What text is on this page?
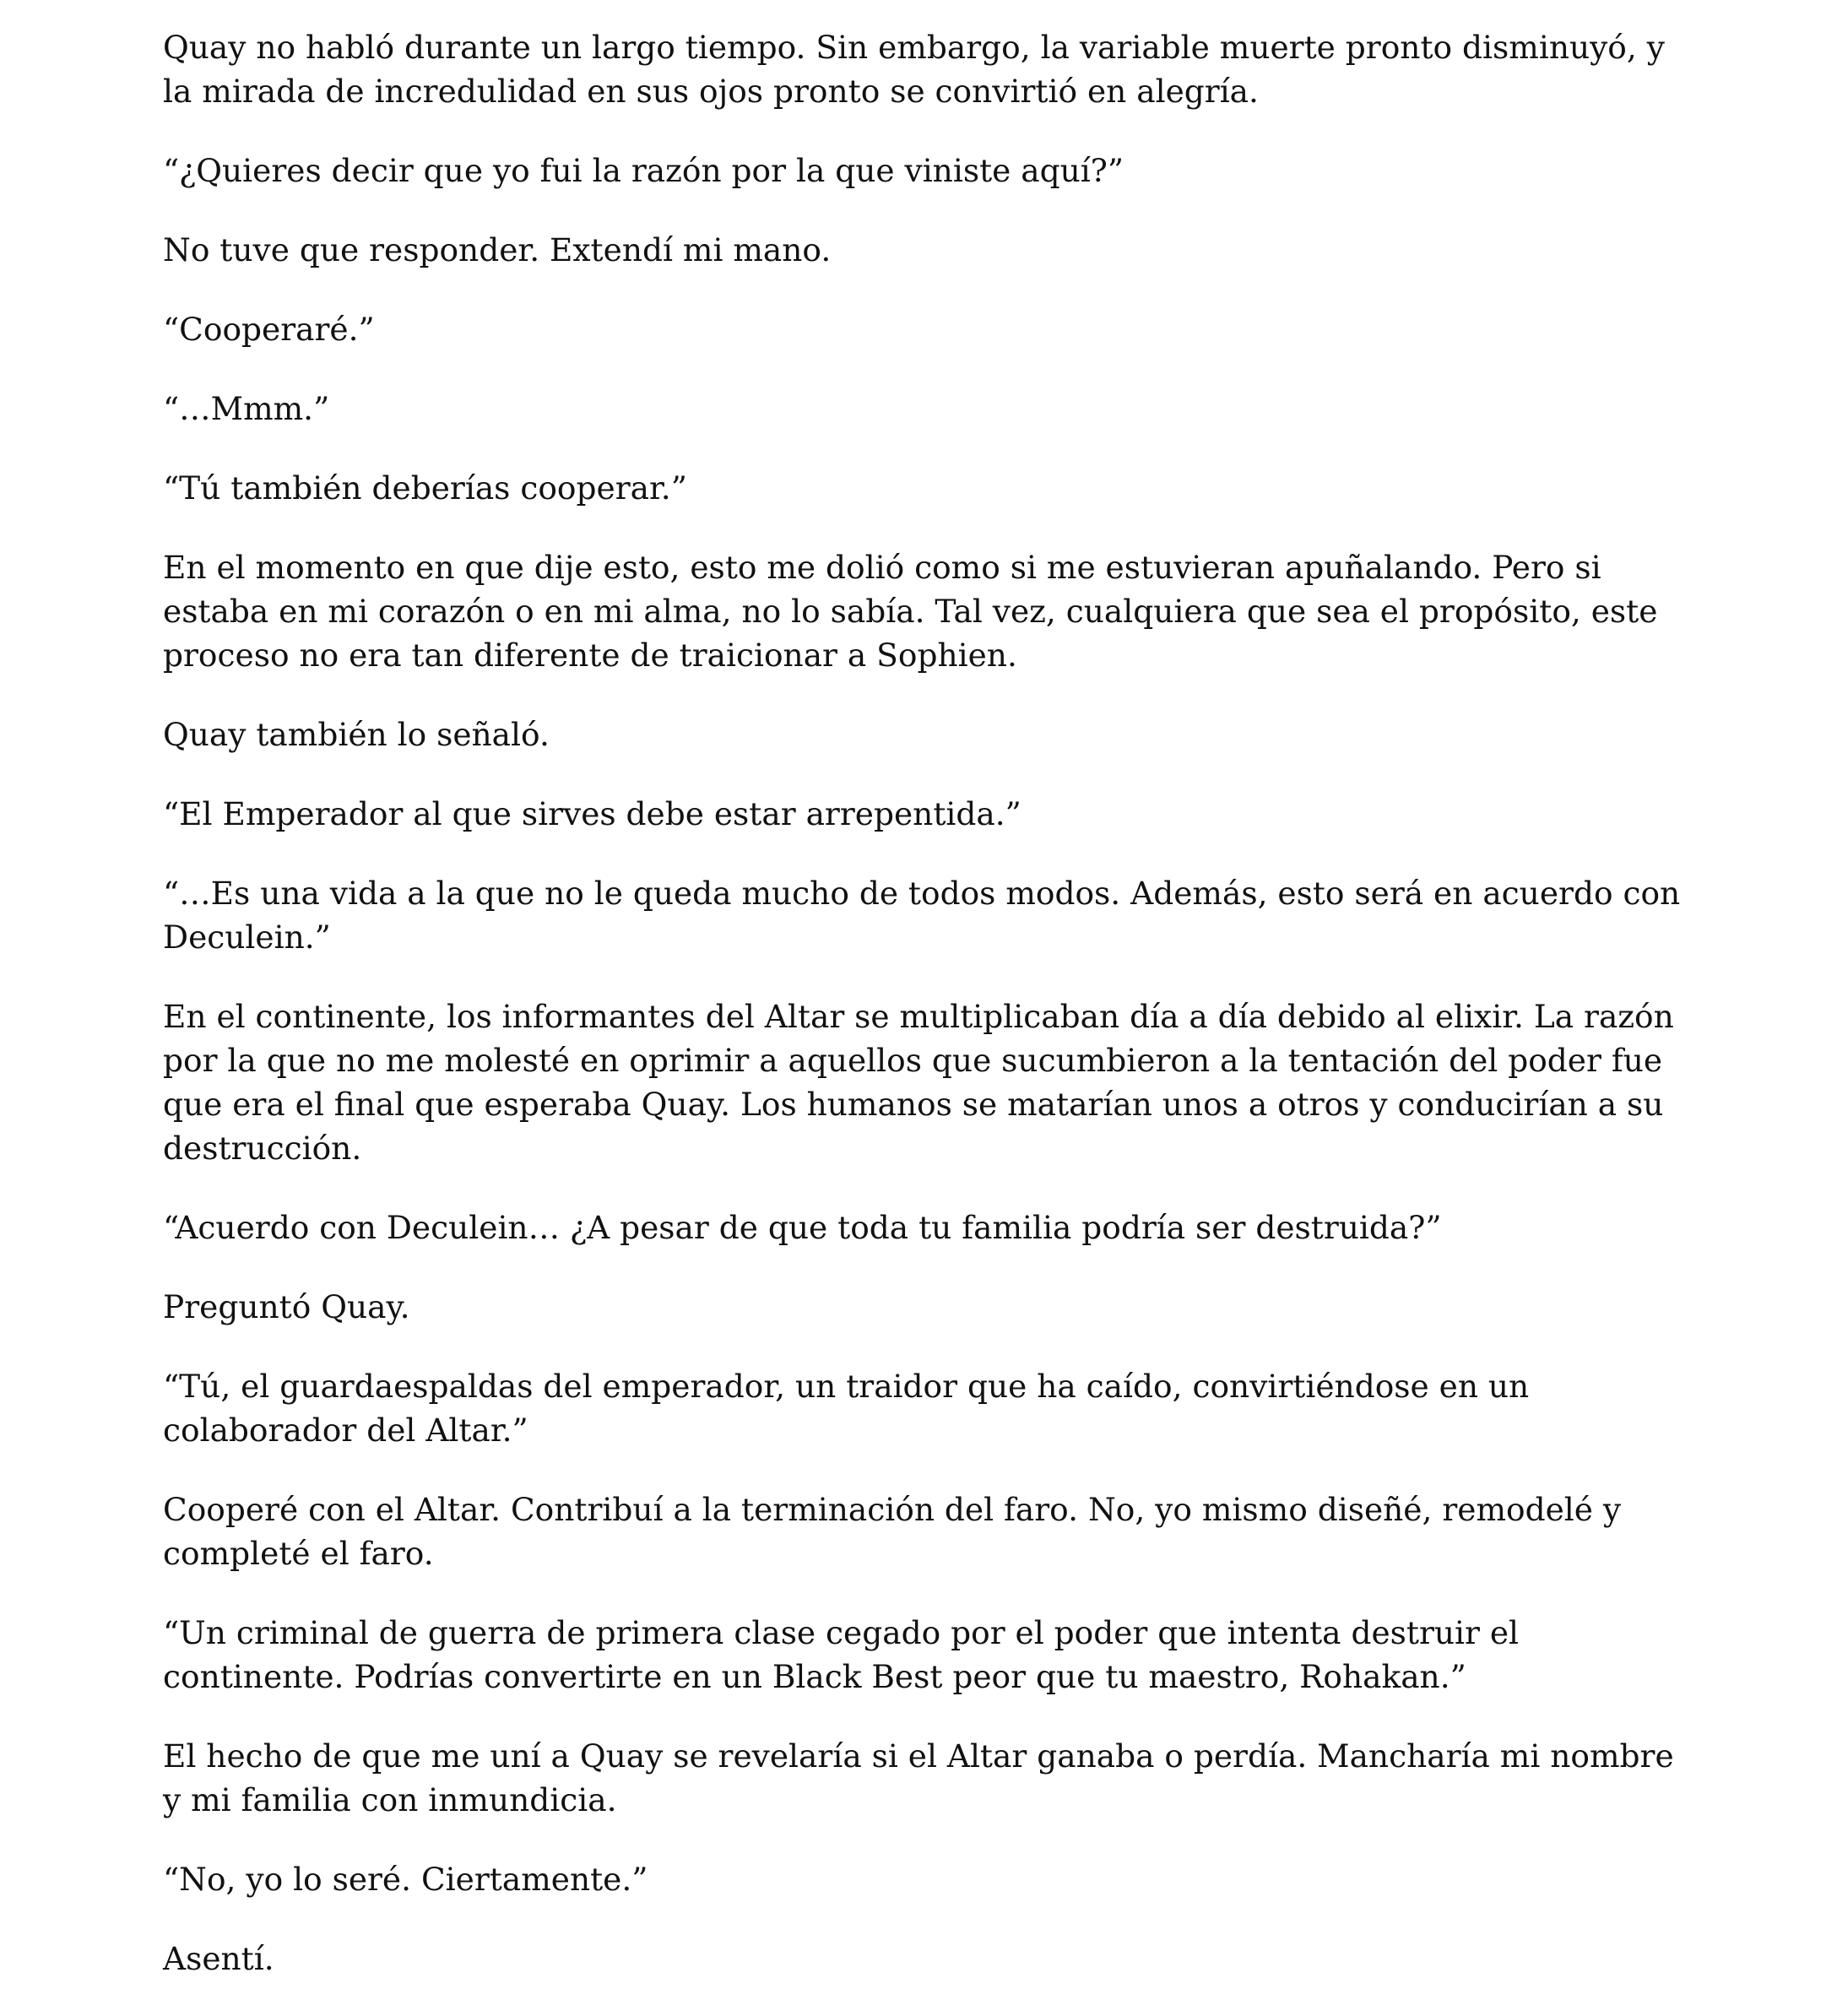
Quay no habló durante un largo tiempo. Sin embargo, la variable muerte pronto disminuyó, y la mirada de incredulidad en sus ojos pronto se convirtió en alegría.

“¿Quieres decir que yo fui la razón por la que viniste aquí?”

No tuve que responder. Extendí mi mano.

“Cooperaré.”

“…Mmm.”

“Tú también deberías cooperar.”

En el momento en que dije esto, esto me dolió como si me estuvieran apuñalando. Pero si estaba en mi corazón o en mi alma, no lo sabía. Tal vez, cualquiera que sea el propósito, este proceso no era tan diferente de traicionar a Sophien.

Quay también lo señaló.

“El Emperador al que sirves debe estar arrepentida.”

“…Es una vida a la que no le queda mucho de todos modos. Además, esto será en acuerdo con Deculein.”

En el continente, los informantes del Altar se multiplicaban día a día debido al elixir. La razón por la que no me molesté en oprimir a aquellos que sucumbieron a la tentación del poder fue que era el final que esperaba Quay. Los humanos se matarían unos a otros y conducirían a su destrucción.

“Acuerdo con Deculein… ¿A pesar de que toda tu familia podría ser destruida?”

Preguntó Quay.

“Tú, el guardaespaldas del emperador, un traidor que ha caído, convirtiéndose en un colaborador del Altar.”

Cooperé con el Altar. Contribuí a la terminación del faro. No, yo mismo diseñé, remodelé y completé el faro.

“Un criminal de guerra de primera clase cegado por el poder que intenta destruir el continente. Podrías convertirte en un Black Best peor que tu maestro, Rohakan.”

El hecho de que me uní a Quay se revelaría si el Altar ganaba o perdía. Mancharía mi nombre y mi familia con inmundicia.

“No, yo lo seré. Ciertamente.”

Asentí.
